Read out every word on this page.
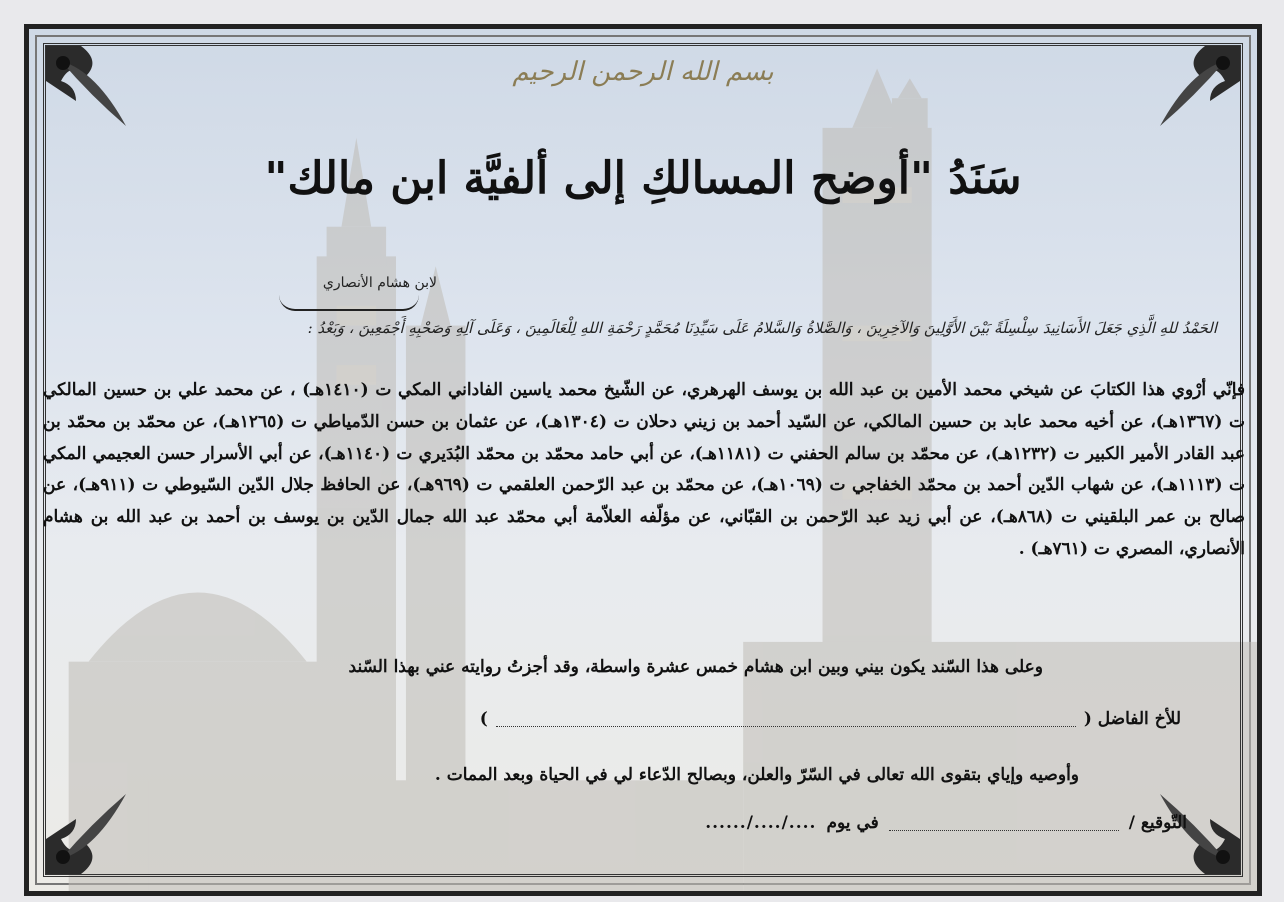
بسم الله الرحمن الرحيم
سَنَدُ "أوضح المسالكِ إلى ألفيَّة ابن مالك"
لابن هشام الأنصاري
الحَمْدُ للهِ الَّذِي جَعَلَ الأَسَانِيدَ سِلْسِلَةً بَيْنَ الأَوَّلِينَ وَالآخِرِينَ ، وَالصَّلاةُ وَالسَّلامُ عَلَى سَيِّدِنَا مُحَمَّدٍ رَحْمَةِ اللهِ لِلْعَالَمِينَ ، وَعَلَى آلِهِ وَصَحْبِهِ أَجْمَعِينَ ، وَبَعْدُ :

فإنّي أرْوي هذا الكتابَ عن شيخي محمد الأمين بن عبد الله بن يوسف الهرهري، عن الشّيخ محمد ياسين الفاداني المكي ت (١٤١٠هـ) ، عن محمد علي بن حسين المالكي ت (١٣٦٧هـ)، عن أخيه محمد عابد بن حسين المالكي، عن السّيد أحمد بن زيني دحلان ت (١٣٠٤هـ)، عن عثمان بن حسن الدّمياطي ت (١٢٦٥هـ)، عن محمّد بن محمّد بن عبد القادر الأمير الكبير ت (١٢٣٢هـ)، عن محمّد بن سالم الحفني ت (١١٨١هـ)، عن أبي حامد محمّد بن محمّد البُدَيري ت (١١٤٠هـ)، عن أبي الأسرار حسن العجيمي المكي ت (١١١٣هـ)، عن شهاب الدّين أحمد بن محمّد الخفاجي ت (١٠٦٩هـ)، عن محمّد بن عبد الرّحمن العلقمي ت (٩٦٩هـ)، عن الحافظ جلال الدّين السّيوطي ت (٩١١هـ)، عن صالح بن عمر البلقيني ت (٨٦٨هـ)، عن أبي زيد عبد الرّحمن بن القبّاني، عن مؤلّفه العلاّمة أبي محمّد عبد الله جمال الدّين بن يوسف بن أحمد بن عبد الله بن هشام الأنصاري، المصري ت (٧٦١هـ) .

وعلى هذا السّند يكون بيني وبين ابن هشام خمس عشرة واسطة، وقد أجزتُ روايته عني بهذا السّند
للأخ الفاضل (
)
وأوصيه وإياي بتقوى الله تعالى في السّرّ والعلن، وبصالح الدّعاء لي في الحياة وبعد الممات .
التّوقيع /
في يوم
..../..../......
